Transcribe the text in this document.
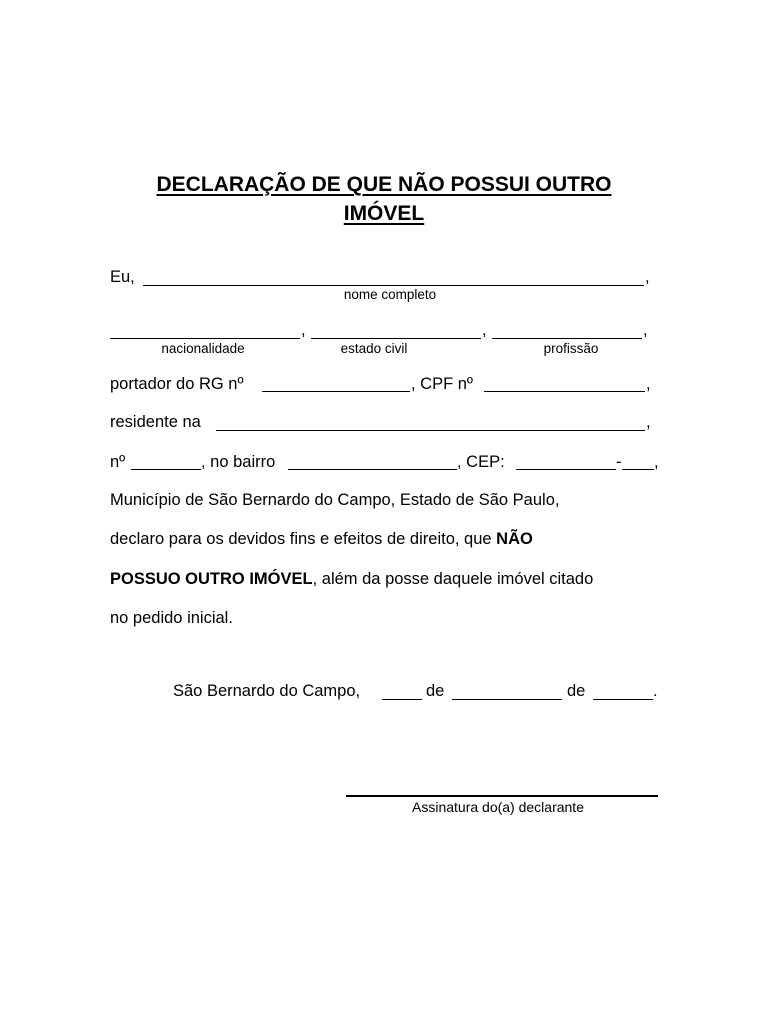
DECLARAÇÃO DE QUE NÃO POSSUI OUTRO
IMÓVEL
Eu,	,
nome completo
,	,	,
nacionalidade	estado civil	profissão
portador do RG nº	, CPF nº	,
residente na	,
nº	, no bairro	, CEP:	- ,
Município de São Bernardo do Campo, Estado de São Paulo,
declaro para os devidos fins e efeitos de direito, que NÃO
POSSUO OUTRO IMÓVEL, além da posse daquele imóvel citado
no pedido inicial.
São Bernardo do Campo,	de	de	.
Assinatura do(a) declarante
